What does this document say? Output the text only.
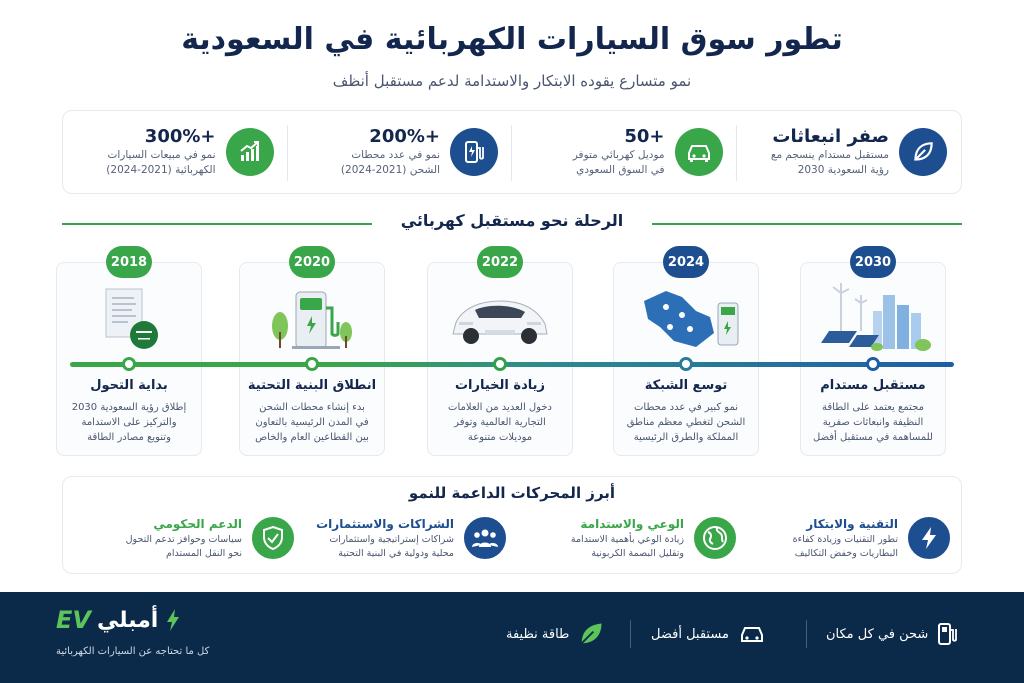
تطور سوق السيارات الكهربائية في السعودية
نمو متسارع يقوده الابتكار والاستدامة لدعم مستقبل أنظف
صفر انبعاثات
مستقبل مستدام ينسجم مع
رؤية السعودية 2030
+50
موديل كهربائي متوفر
في السوق السعودي
+200%
نمو في عدد محطات
الشحن (2021-2024)
+300%
نمو في مبيعات السيارات
الكهربائية (2021-2024)
الرحلة نحو مستقبل كهربائي
2018	2020	2022	2024	2030
بداية التحول
إطلاق رؤية السعودية 2030
والتركيز على الاستدامة
وتنويع مصادر الطاقة
انطلاق البنية التحتية
بدء إنشاء محطات الشحن
في المدن الرئيسية بالتعاون
بين القطاعين العام والخاص
زيادة الخيارات
دخول العديد من العلامات
التجارية العالمية وتوفر
موديلات متنوعة
توسع الشبكة
نمو كبير في عدد محطات
الشحن لتغطي معظم مناطق
المملكة والطرق الرئيسية
مستقبل مستدام
مجتمع يعتمد على الطاقة
النظيفة وانبعاثات صفرية
للمساهمة في مستقبل أفضل
أبرز المحركات الداعمة للنمو
التقنية والابتكار
تطور التقنيات وزيادة كفاءة
البطاريات وخفض التكاليف
الوعي والاستدامة
زيادة الوعي بأهمية الاستدامة
وتقليل البصمة الكربونية
الشراكات والاستثمارات
شراكات إستراتيجية واستثمارات
محلية ودولية في البنية التحتية
الدعم الحكومي
سياسات وحوافز تدعم التحول
نحو النقل المستدام
EV أمبلي
كل ما تحتاجه عن السيارات الكهربائية
شحن في كل مكان
مستقبل أفضل
طاقة نظيفة
